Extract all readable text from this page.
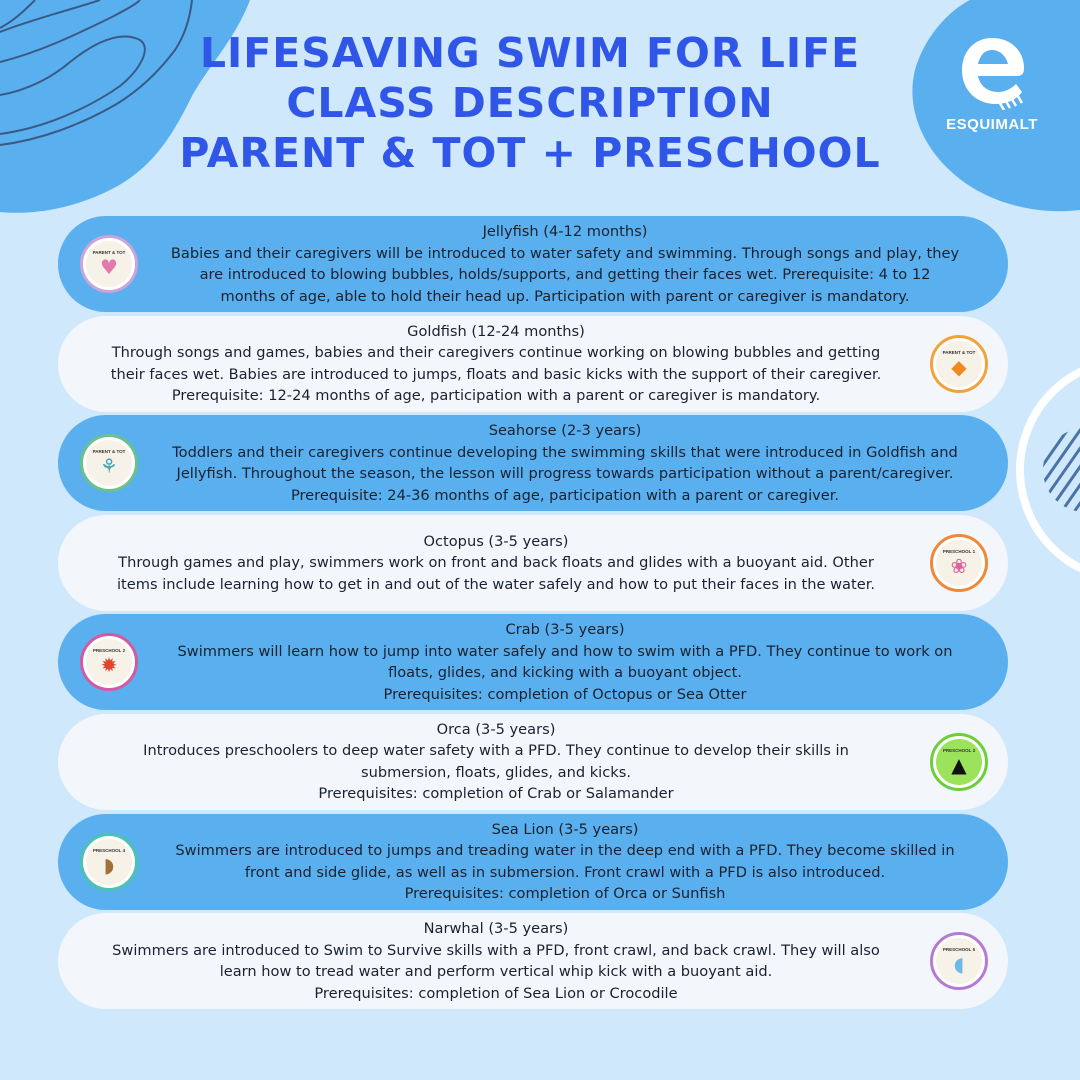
ESQUIMALT
LIFESAVING SWIM FOR LIFE
CLASS DESCRIPTION
PARENT & TOT + PRESCHOOL
PARENT & TOT
♥
Jellyfish (4-12 months)
Babies and their caregivers will be introduced to water safety and swimming. Through songs and play, they
are introduced to blowing bubbles, holds/supports, and getting their faces wet. Prerequisite: 4 to 12
months of age, able to hold their head up. Participation with parent or caregiver is mandatory.
Goldfish (12-24 months)
Through songs and games, babies and their caregivers continue working on blowing bubbles and getting
their faces wet. Babies are introduced to jumps, floats and basic kicks with the support of their caregiver.
Prerequisite: 12-24 months of age, participation with a parent or caregiver is mandatory.
PARENT & TOT
◆
PARENT & TOT
⚘
Seahorse (2-3 years)
Toddlers and their caregivers continue developing the swimming skills that were introduced in Goldfish and
Jellyfish. Throughout the season, the lesson will progress towards participation without a parent/caregiver.
Prerequisite: 24-36 months of age, participation with a parent or caregiver.
Octopus (3-5 years)
Through games and play, swimmers work on front and back floats and glides with a buoyant aid. Other
items include learning how to get in and out of the water safely and how to put their faces in the water.
PRESCHOOL 1
❀
PRESCHOOL 2
✹
Crab (3-5 years)
Swimmers will learn how to jump into water safely and how to swim with a PFD. They continue to work on
floats, glides, and kicking with a buoyant object.
Prerequisites: completion of Octopus or Sea Otter
Orca (3-5 years)
Introduces preschoolers to deep water safety with a PFD. They continue to develop their skills in
submersion, floats, glides, and kicks.
Prerequisites: completion of Crab or Salamander
PRESCHOOL 3
▲
PRESCHOOL 4
◗
Sea Lion (3-5 years)
Swimmers are introduced to jumps and treading water in the deep end with a PFD. They become skilled in
front and side glide, as well as in submersion. Front crawl with a PFD is also introduced.
Prerequisites: completion of Orca or Sunfish
Narwhal (3-5 years)
Swimmers are introduced to Swim to Survive skills with a PFD, front crawl, and back crawl. They will also
learn how to tread water and perform vertical whip kick with a buoyant aid.
Prerequisites: completion of Sea Lion or Crocodile
PRESCHOOL 5
◖
